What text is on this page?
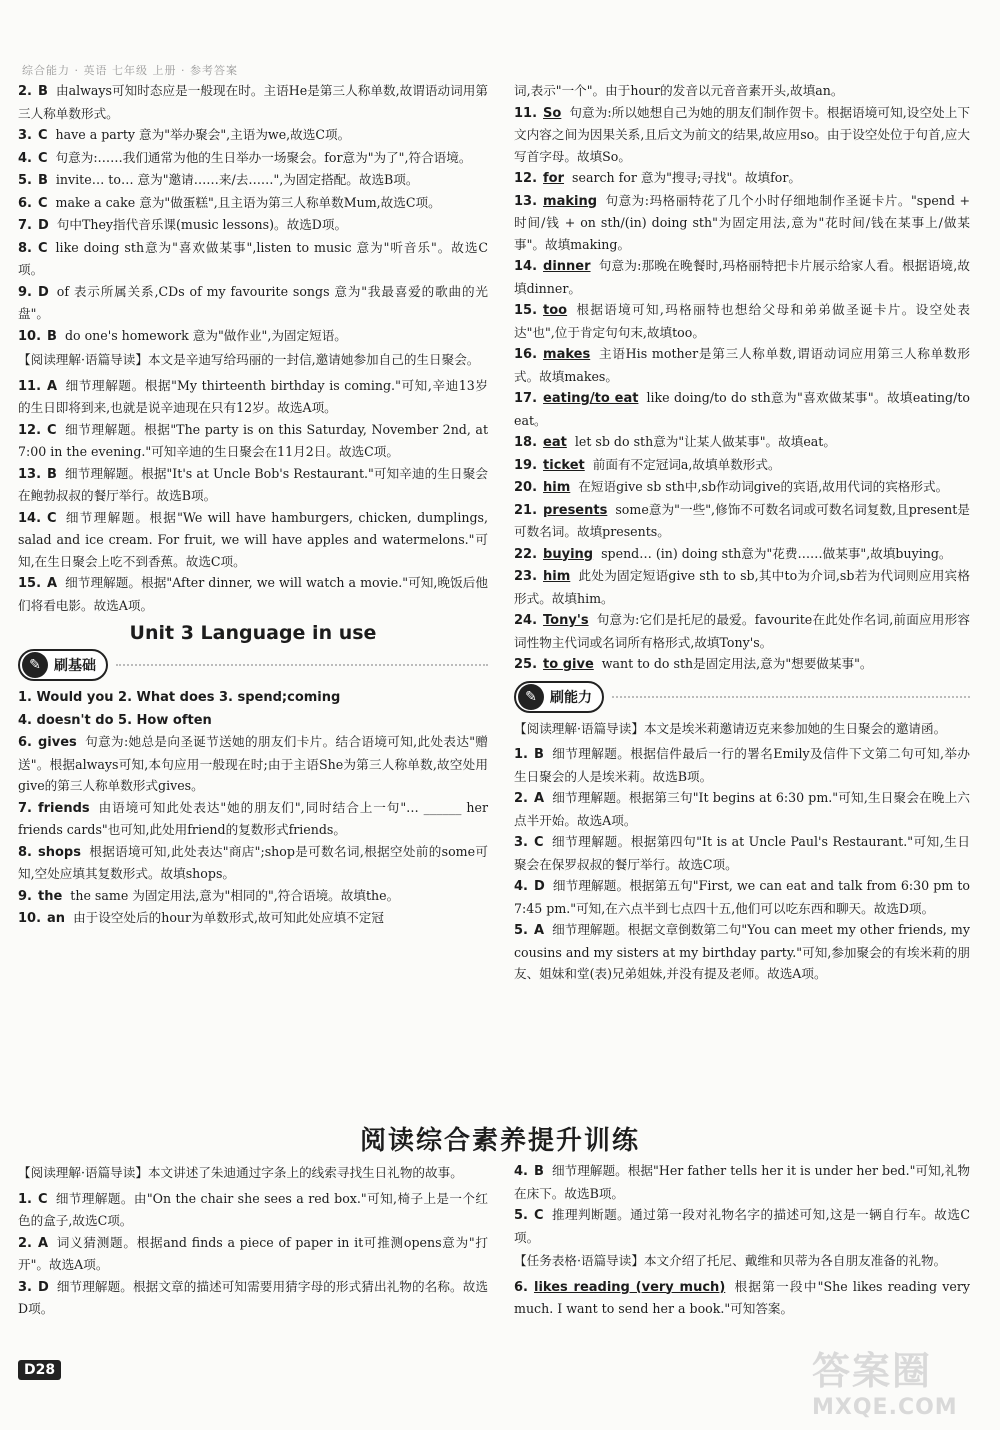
综合能力 · 英语 七年级 上册 · 参考答案

2. B 由always可知时态应是一般现在时。主语He是第三人称单数,故谓语动词用第三人称单数形式。

3. C have a party 意为"举办聚会",主语为we,故选C项。

4. C 句意为:……我们通常为他的生日举办一场聚会。for意为"为了",符合语境。

5. B invite… to… 意为"邀请……来/去……",为固定搭配。故选B项。

6. C make a cake 意为"做蛋糕",且主语为第三人称单数Mum,故选C项。

7. D 句中They指代音乐课(music lessons)。故选D项。

8. C like doing sth意为"喜欢做某事",listen to music 意为"听音乐"。故选C项。

9. D of 表示所属关系,CDs of my favourite songs 意为"我最喜爱的歌曲的光盘"。

10. B do one's homework 意为"做作业",为固定短语。

【阅读理解·语篇导读】本文是辛迪写给玛丽的一封信,邀请她参加自己的生日聚会。

11. A 细节理解题。根据"My thirteenth birthday is coming."可知,辛迪13岁的生日即将到来,也就是说辛迪现在只有12岁。故选A项。

12. C 细节理解题。根据"The party is on this Saturday, November 2nd, at 7:00 in the evening."可知辛迪的生日聚会在11月2日。故选C项。

13. B 细节理解题。根据"It's at Uncle Bob's Restaurant."可知辛迪的生日聚会在鲍勃叔叔的餐厅举行。故选B项。

14. C 细节理解题。根据"We will have hamburgers, chicken, dumplings, salad and ice cream. For fruit, we will have apples and watermelons."可知,在生日聚会上吃不到香蕉。故选C项。

15. A 细节理解题。根据"After dinner, we will watch a movie."可知,晚饭后他们将看电影。故选A项。

Unit 3 Language in use
✎ 刷基础

1. Would you 2. What does 3. spend;coming

4. doesn't do 5. How often

6. gives 句意为:她总是向圣诞节送她的朋友们卡片。结合语境可知,此处表达"赠送"。根据always可知,本句应用一般现在时;由于主语She为第三人称单数,故空处用give的第三人称单数形式gives。

7. friends 由语境可知此处表达"她的朋友们",同时结合上一句"… ______ her friends cards"也可知,此处用friend的复数形式friends。

8. shops 根据语境可知,此处表达"商店";shop是可数名词,根据空处前的some可知,空处应填其复数形式。故填shops。

9. the the same 为固定用法,意为"相同的",符合语境。故填the。

10. an 由于设空处后的hour为单数形式,故可知此处应填不定冠

词,表示"一个"。由于hour的发音以元音音素开头,故填an。

11. So 句意为:所以她想自己为她的朋友们制作贺卡。根据语境可知,设空处上下文内容之间为因果关系,且后文为前文的结果,故应用so。由于设空处位于句首,应大写首字母。故填So。

12. for search for 意为"搜寻;寻找"。故填for。

13. making 句意为:玛格丽特花了几个小时仔细地制作圣诞卡片。"spend + 时间/钱 + on sth/(in) doing sth"为固定用法,意为"花时间/钱在某事上/做某事"。故填making。

14. dinner 句意为:那晚在晚餐时,玛格丽特把卡片展示给家人看。根据语境,故填dinner。

15. too 根据语境可知,玛格丽特也想给父母和弟弟做圣诞卡片。设空处表达"也",位于肯定句句末,故填too。

16. makes 主语His mother是第三人称单数,谓语动词应用第三人称单数形式。故填makes。

17. eating/to eat like doing/to do sth意为"喜欢做某事"。故填eating/to eat。

18. eat let sb do sth意为"让某人做某事"。故填eat。

19. ticket 前面有不定冠词a,故填单数形式。

20. him 在短语give sb sth中,sb作动词give的宾语,故用代词的宾格形式。

21. presents some意为"一些",修饰不可数名词或可数名词复数,且present是可数名词。故填presents。

22. buying spend… (in) doing sth意为"花费……做某事",故填buying。

23. him 此处为固定短语give sth to sb,其中to为介词,sb若为代词则应用宾格形式。故填him。

24. Tony's 句意为:它们是托尼的最爱。favourite在此处作名词,前面应用形容词性物主代词或名词所有格形式,故填Tony's。

25. to give want to do sth是固定用法,意为"想要做某事"。

✎ 刷能力

【阅读理解·语篇导读】本文是埃米莉邀请迈克来参加她的生日聚会的邀请函。

1. B 细节理解题。根据信件最后一行的署名Emily及信件下文第二句可知,举办生日聚会的人是埃米莉。故选B项。

2. A 细节理解题。根据第三句"It begins at 6:30 pm."可知,生日聚会在晚上六点半开始。故选A项。

3. C 细节理解题。根据第四句"It is at Uncle Paul's Restaurant."可知,生日聚会在保罗叔叔的餐厅举行。故选C项。

4. D 细节理解题。根据第五句"First, we can eat and talk from 6:30 pm to 7:45 pm."可知,在六点半到七点四十五,他们可以吃东西和聊天。故选D项。

5. A 细节理解题。根据文章倒数第二句"You can meet my other friends, my cousins and my sisters at my birthday party."可知,参加聚会的有埃米莉的朋友、姐妹和堂(表)兄弟姐妹,并没有提及老师。故选A项。

阅读综合素养提升训练

【阅读理解·语篇导读】本文讲述了朱迪通过字条上的线索寻找生日礼物的故事。

1. C 细节理解题。由"On the chair she sees a red box."可知,椅子上是一个红色的盒子,故选C项。

2. A 词义猜测题。根据and finds a piece of paper in it可推测opens意为"打开"。故选A项。

3. D 细节理解题。根据文章的描述可知需要用猜字母的形式猜出礼物的名称。故选D项。

4. B 细节理解题。根据"Her father tells her it is under her bed."可知,礼物在床下。故选B项。

5. C 推理判断题。通过第一段对礼物名字的描述可知,这是一辆自行车。故选C项。

【任务表格·语篇导读】本文介绍了托尼、戴维和贝蒂为各自朋友准备的礼物。

6. likes reading (very much) 根据第一段中"She likes reading very much. I want to send her a book."可知答案。

D28	答案圈
MXQE.COM
